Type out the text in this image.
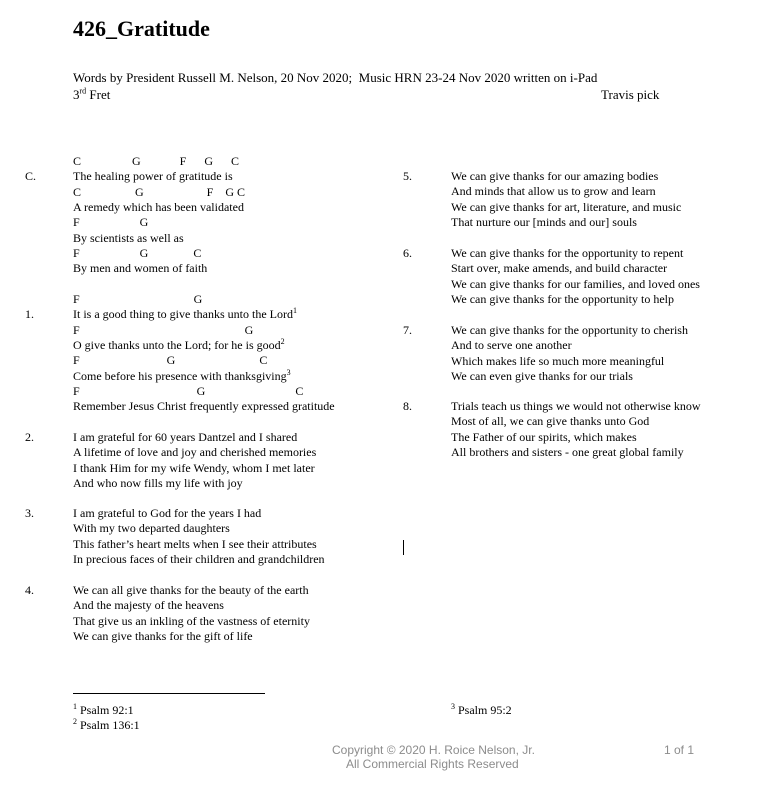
426_Gratitude
Words by President Russell M. Nelson, 20 Nov 2020;  Music HRN 23-24 Nov 2020 written on i-Pad
3rd Fret	Travis pick
C.
C                 G             F      G      C
The healing power of gratitude is
C                  G                     F    G C
A remedy which has been validated
F                    G
By scientists as well as
F                    G               C
By men and women of faith
1.
F                                      G
It is a good thing to give thanks unto the Lord$^1$
F                                                       G
O give thanks unto the Lord; for he is good$^2$
F                             G                            C
Come before his presence with thanksgiving$^3$
F                                       G                              C
Remember Jesus Christ frequently expressed gratitude
2.	I am grateful for 60 years Dantzel and I shared
A lifetime of love and joy and cherished memories
I thank Him for my wife Wendy, whom I met later
And who now fills my life with joy
3.	I am grateful to God for the years I had
With my two departed daughters
This father’s heart melts when I see their attributes
In precious faces of their children and grandchildren
4.	We can all give thanks for the beauty of the earth
And the majesty of the heavens
That give us an inkling of the vastness of eternity
We can give thanks for the gift of life
5.	We can give thanks for our amazing bodies
And minds that allow us to grow and learn
We can give thanks for art, literature, and music
That nurture our [minds and our] souls
6.	We can give thanks for the opportunity to repent
Start over, make amends, and build character
We can give thanks for our families, and loved ones
We can give thanks for the opportunity to help
7.	We can give thanks for the opportunity to cherish
And to serve one another
Which makes life so much more meaningful
We can even give thanks for our trials
8.	Trials teach us things we would not otherwise know
Most of all, we can give thanks unto God
The Father of our spirits, which makes
All brothers and sisters - one great global family
$^1$ Psalm 92:1
$^2$ Psalm 136:1
$^3$ Psalm 95:2
Copyright © 2020 H. Roice Nelson, Jr.
All Commercial Rights Reserved
1 of 1
